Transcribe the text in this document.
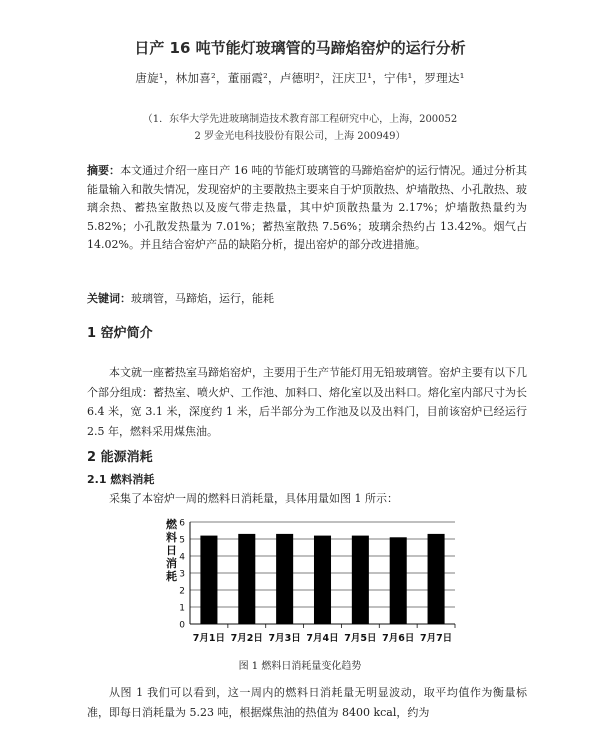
日产 16 吨节能灯玻璃管的马蹄焰窑炉的运行分析
唐旋¹，林加喜²，董丽霞²，卢德明²，汪庆卫¹，宁伟¹，罗理达¹
（1．东华大学先进玻璃制造技术教育部工程研究中心，上海，200052
2 罗金光电科技股份有限公司，上海 200949）
摘要：本文通过介绍一座日产 16 吨的节能灯玻璃管的马蹄焰窑炉的运行情况。通过分析其能量输入和散失情况，发现窑炉的主要散热主要来自于炉顶散热、炉墙散热、小孔散热、玻璃余热、蓄热室散热以及废气带走热量，其中炉顶散热量为 2.17%；炉墙散热量约为 5.82%；小孔散发热量为 7.01%；蓄热室散热 7.56%；玻璃余热约占 13.42%。烟气占 14.02%。并且结合窑炉产品的缺陷分析，提出窑炉的部分改进措施。
关键词：玻璃管，马蹄焰，运行，能耗
1 窑炉简介
本文就一座蓄热室马蹄焰窑炉，主要用于生产节能灯用无铅玻璃管。窑炉主要有以下几个部分组成：蓄热室、喷火炉、工作池、加料口、熔化室以及出料口。熔化室内部尺寸为长 6.4 米，宽 3.1 米，深度约 1 米，后半部分为工作池及以及出料门，目前该窑炉已经运行 2.5 年，燃料采用煤焦油。
2 能源消耗
2.1 燃料消耗
采集了本窑炉一周的燃料日消耗量，具体用量如图 1 所示：
0
1
2
3
4
5
6
燃料日消耗
7月1日 7月2日 7月3日 7月4日 7月5日 7月6日 7月7日
图 1 燃料日消耗量变化趋势
从图 1 我们可以看到，这一周内的燃料日消耗量无明显波动，取平均值作为衡量标准，即每日消耗量为 5.23 吨，根据煤焦油的热值为 8400 kcal，约为
